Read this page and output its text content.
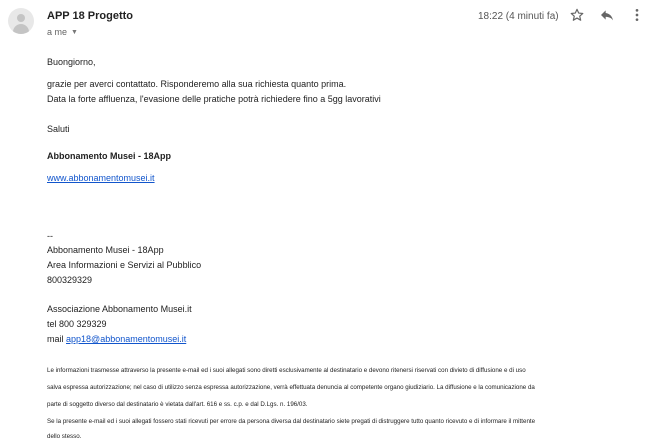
APP 18 Progetto
a me ▼
18:22 (4 minuti fa)
Buongiorno,
grazie per averci contattato. Risponderemo alla sua richiesta quanto prima.
Data la forte affluenza, l'evasione delle pratiche potrà richiedere fino a 5gg lavorativi
Saluti
Abbonamento Musei - 18App
www.abbonamentomusei.it
--
Abbonamento Musei - 18App
Area Informazioni e Servizi al Pubblico
800329329
Associazione Abbonamento Musei.it
tel 800 329329
mail app18@abbonamentomusei.it
Le informazioni trasmesse attraverso la presente e-mail ed i suoi allegati sono diretti esclusivamente al destinatario e devono ritenersi riservati con divieto di diffusione e di uso
salva espressa autorizzazione; nel caso di utilizzo senza espressa autorizzazione, verrà effettuata denuncia al competente organo giudiziario. La diffusione e la comunicazione da
parte di soggetto diverso dal destinatario è vietata dall'art. 616 e ss. c.p. e dal D.Lgs. n. 196/03.
Se la presente e-mail ed i suoi allegati fossero stati ricevuti per errore da persona diversa dal destinatario siete pregati di distruggere tutto quanto ricevuto e di informare il mittente
dello stesso.
